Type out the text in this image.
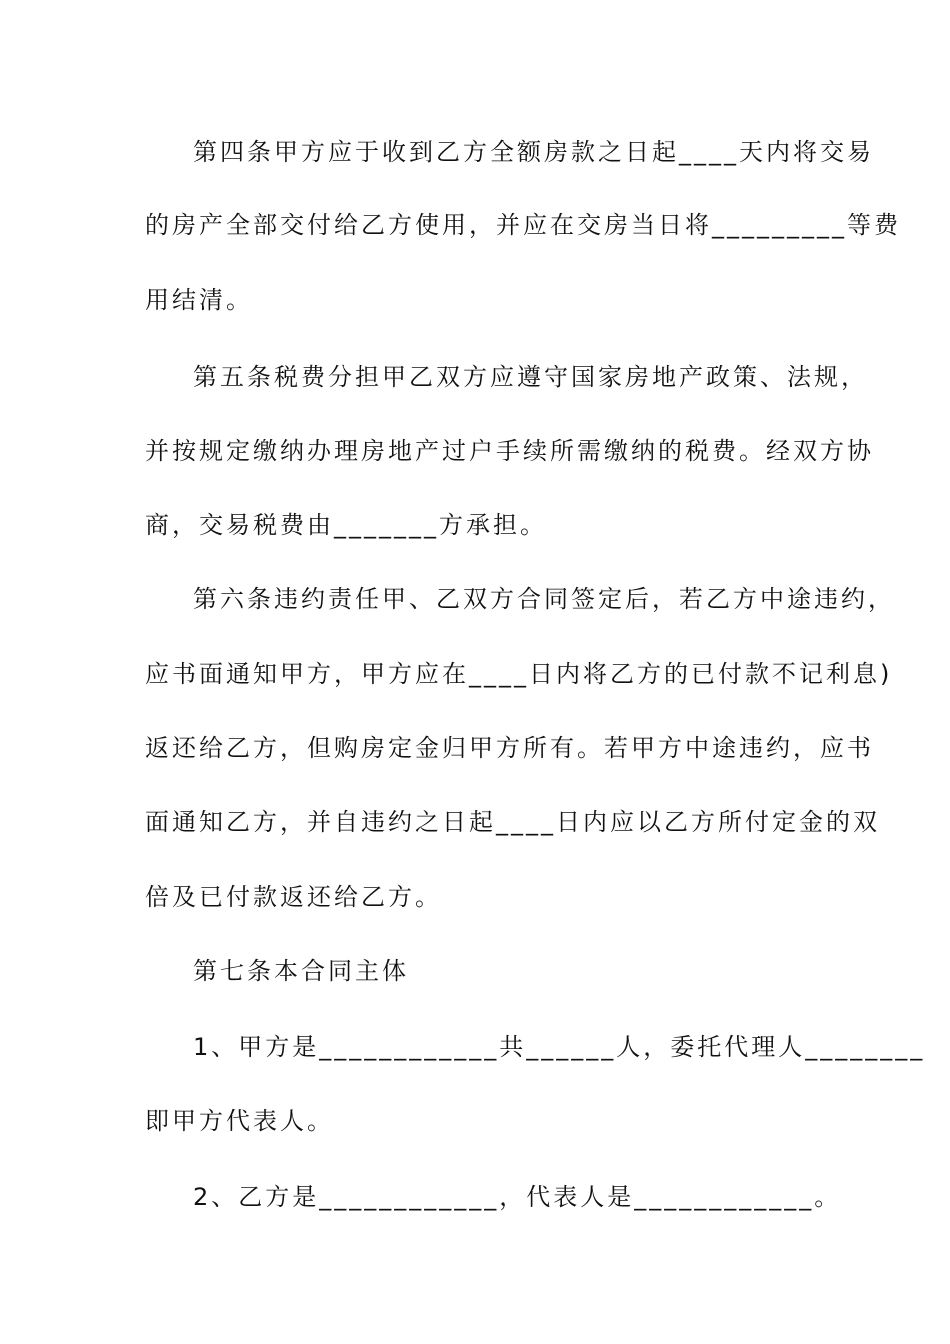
第四条甲方应于收到乙方全额房款之日起____天内将交易
的房产全部交付给乙方使用，并应在交房当日将_________等费
用结清。
第五条税费分担甲乙双方应遵守国家房地产政策、法规，
并按规定缴纳办理房地产过户手续所需缴纳的税费。经双方协
商，交易税费由_______方承担。
第六条违约责任甲、乙双方合同签定后，若乙方中途违约，
应书面通知甲方，甲方应在____日内将乙方的已付款不记利息)
返还给乙方，但购房定金归甲方所有。若甲方中途违约，应书
面通知乙方，并自违约之日起____日内应以乙方所付定金的双
倍及已付款返还给乙方。
第七条本合同主体
1、甲方是____________共______人，委托代理人________
即甲方代表人。
2、乙方是____________，代表人是____________。
